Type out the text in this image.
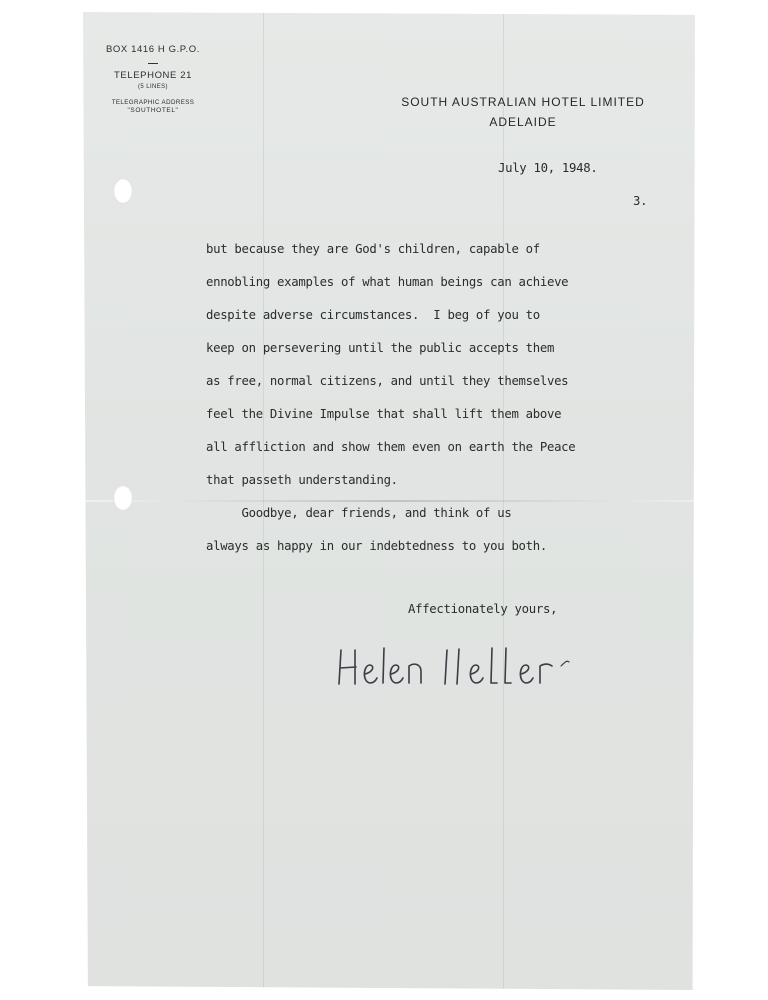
BOX 1416 H G.P.O.
TELEPHONE 21
(5 LINES)
TELEGRAPHIC ADDRESS
"SOUTHOTEL"
SOUTH AUSTRALIAN HOTEL LIMITED
ADELAIDE
July 10, 1948.
3.
but because they are God's children, capable of
ennobling examples of what human beings can achieve
despite adverse circumstances.  I beg of you to
keep on persevering until the public accepts them
as free, normal citizens, and until they themselves
feel the Divine Impulse that shall lift them above
all affliction and show them even on earth the Peace
that passeth understanding.
Goodbye, dear friends, and think of us
always as happy in our indebtedness to you both.
Affectionately yours,
